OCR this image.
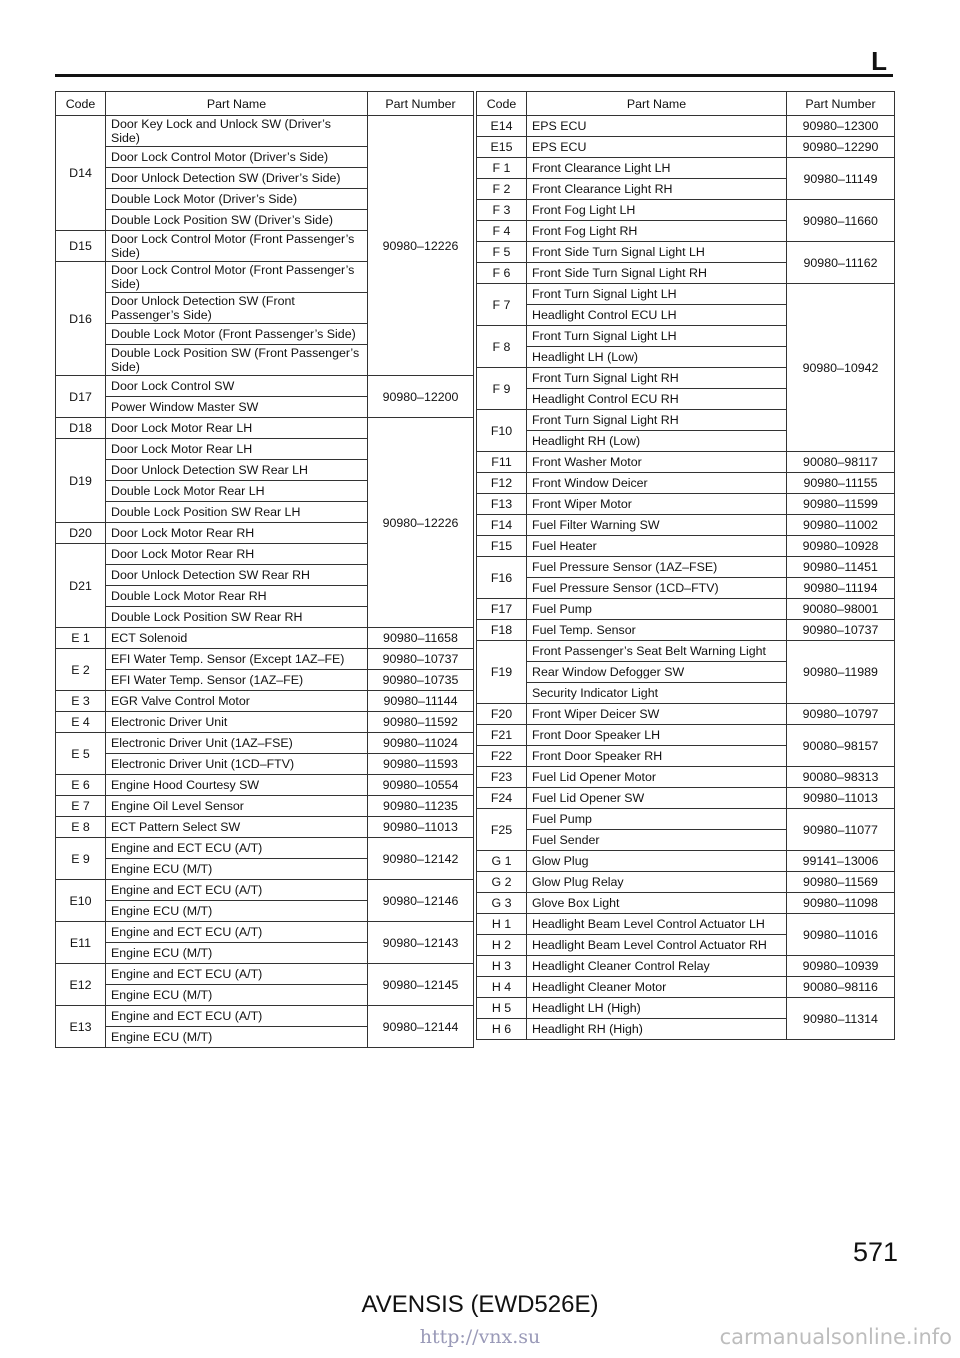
L
Code	Part Name	Part Number
D14	Door Key Lock and Unlock SW (Driver’s Side)	90980–12226
	Door Lock Control Motor (Driver’s Side)	
	Door Unlock Detection SW (Driver’s Side)	
	Double Lock Motor (Driver’s Side)	
	Double Lock Position SW (Driver’s Side)	
D15	Door Lock Control Motor (Front Passenger’s Side)	
D16	Door Lock Control Motor (Front Passenger’s Side)	
	Door Unlock Detection SW (Front Passenger’s Side)	
	Double Lock Motor (Front Passenger’s Side)	
	Double Lock Position SW (Front Passenger’s Side)	
D17	Door Lock Control SW	90980–12200
	Power Window Master SW	
D18	Door Lock Motor Rear LH	90980–12226
D19	Door Lock Motor Rear LH	
	Door Unlock Detection SW Rear LH	
	Double Lock Motor Rear LH	
	Double Lock Position SW Rear LH	
D20	Door Lock Motor Rear RH	
D21	Door Lock Motor Rear RH	
	Door Unlock Detection SW Rear RH	
	Double Lock Motor Rear RH	
	Double Lock Position SW Rear RH	
E 1	ECT Solenoid	90980–11658
E 2	EFI Water Temp. Sensor (Except 1AZ–FE)	90980–10737
	EFI Water Temp. Sensor (1AZ–FE)	90980–10735
E 3	EGR Valve Control Motor	90980–11144
E 4	Electronic Driver Unit	90980–11592
E 5	Electronic Driver Unit (1AZ–FSE)	90980–11024
	Electronic Driver Unit (1CD–FTV)	90980–11593
E 6	Engine Hood Courtesy SW	90980–10554
E 7	Engine Oil Level Sensor	90980–11235
E 8	ECT Pattern Select SW	90980–11013
E 9	Engine and ECT ECU (A/T)	90980–12142
	Engine ECU (M/T)	
E10	Engine and ECT ECU (A/T)	90980–12146
	Engine ECU (M/T)	
E11	Engine and ECT ECU (A/T)	90980–12143
	Engine ECU (M/T)	
E12	Engine and ECT ECU (A/T)	90980–12145
	Engine ECU (M/T)	
E13	Engine and ECT ECU (A/T)	90980–12144
	Engine ECU (M/T)	
Code	Part Name	Part Number
E14	EPS ECU	90980–12300
E15	EPS ECU	90980–12290
F 1	Front Clearance Light LH	90980–11149
F 2	Front Clearance Light RH	
F 3	Front Fog Light LH	90980–11660
F 4	Front Fog Light RH	
F 5	Front Side Turn Signal Light LH	90980–11162
F 6	Front Side Turn Signal Light RH	
F 7	Front Turn Signal Light LH	90980–10942
	Headlight Control ECU LH	
F 8	Front Turn Signal Light LH	
	Headlight LH (Low)	
F 9	Front Turn Signal Light RH	
	Headlight Control ECU RH	
F10	Front Turn Signal Light RH	
	Headlight RH (Low)	
F11	Front Washer Motor	90080–98117
F12	Front Window Deicer	90980–11155
F13	Front Wiper Motor	90980–11599
F14	Fuel Filter Warning SW	90980–11002
F15	Fuel Heater	90980–10928
F16	Fuel Pressure Sensor (1AZ–FSE)	90980–11451
	Fuel Pressure Sensor (1CD–FTV)	90980–11194
F17	Fuel Pump	90080–98001
F18	Fuel Temp. Sensor	90980–10737
F19	Front Passenger’s Seat Belt Warning Light	90980–11989
	Rear Window Defogger SW	
	Security Indicator Light	
F20	Front Wiper Deicer SW	90980–10797
F21	Front Door Speaker LH	90080–98157
F22	Front Door Speaker RH	
F23	Fuel Lid Opener Motor	90080–98313
F24	Fuel Lid Opener SW	90980–11013
F25	Fuel Pump	90980–11077
	Fuel Sender	
G 1	Glow Plug	99141–13006
G 2	Glow Plug Relay	90980–11569
G 3	Glove Box Light	90980–11098
H 1	Headlight Beam Level Control Actuator LH	90980–11016
H 2	Headlight Beam Level Control Actuator RH	
H 3	Headlight Cleaner Control Relay	90980–10939
H 4	Headlight Cleaner Motor	90080–98116
H 5	Headlight LH (High)	90980–11314
H 6	Headlight RH (High)	
571
AVENSIS (EWD526E)
http://vnx.su	carmanualsonline.info
